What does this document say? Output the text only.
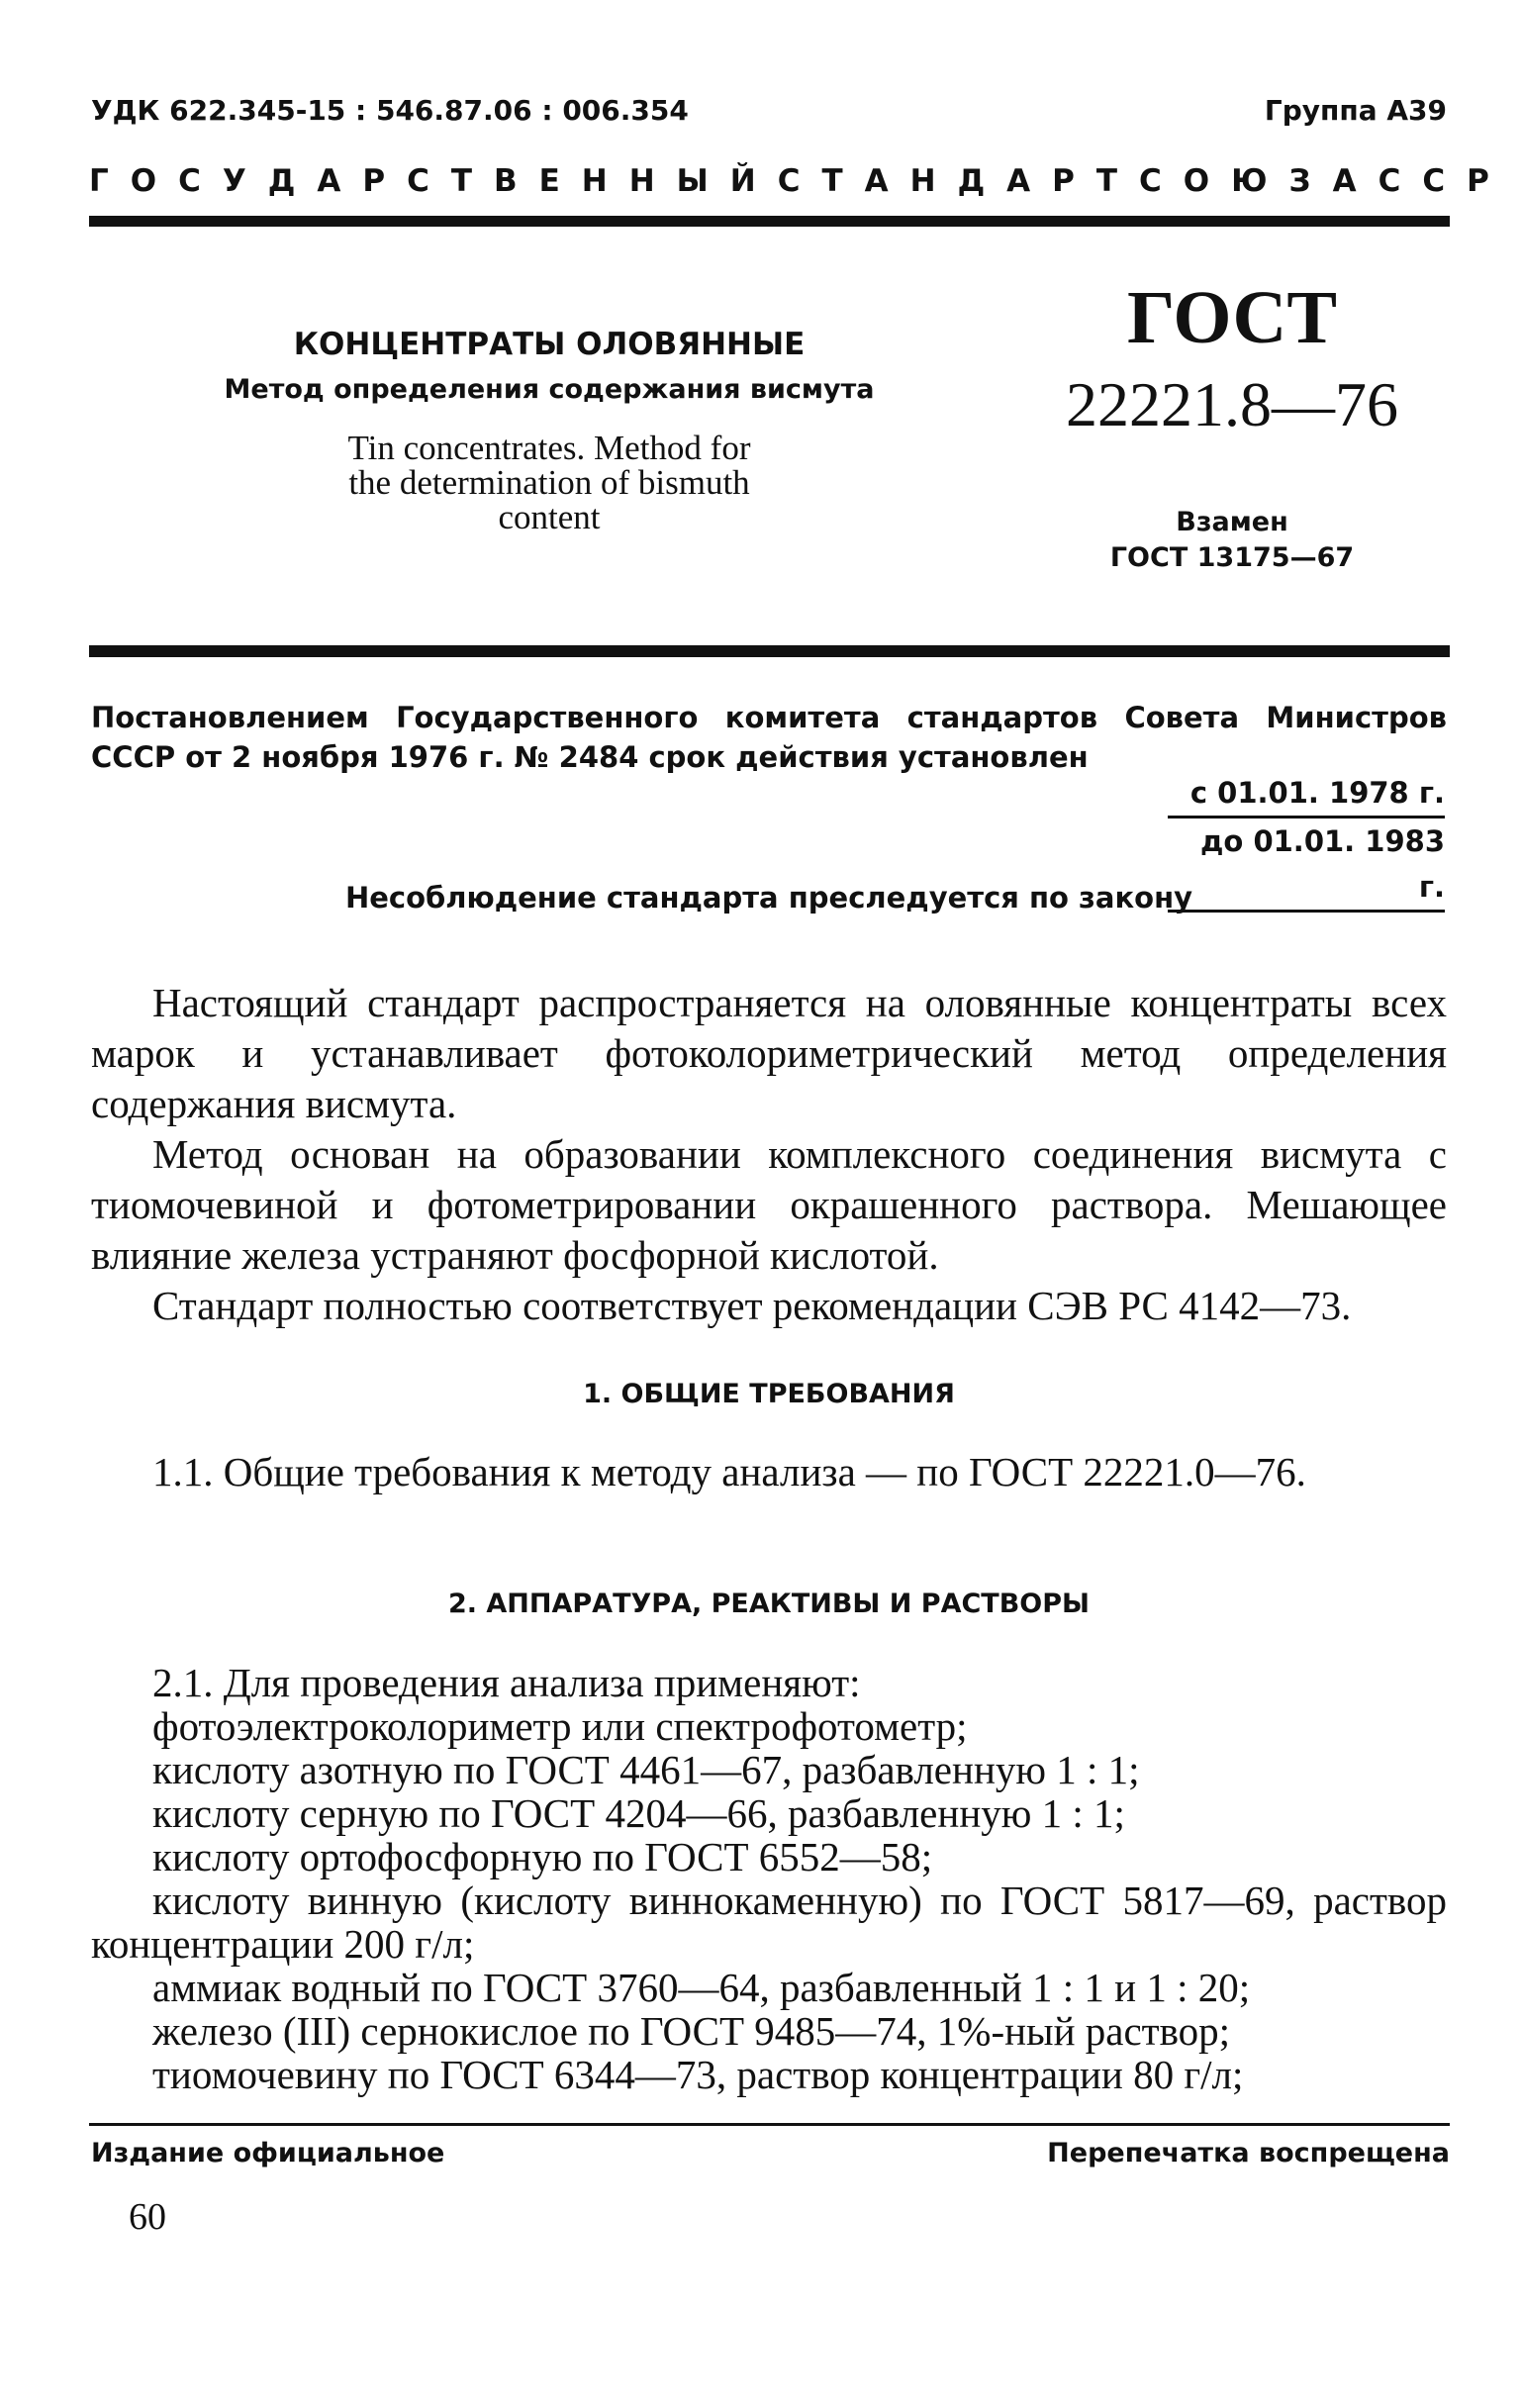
УДК 622.345-15 : 546.87.06 : 006.354	Группа А39
ГОСУДАРСТВЕННЫЙ СТАНДАРТ СОЮЗА ССР
КОНЦЕНТРАТЫ ОЛОВЯННЫЕ
Метод определения содержания висмута
Tin concentrates. Method for
the determination of bismuth
content
ГОСТ
22221.8—76
Взамен
ГОСТ 13175—67
Постановлением Государственного комитета стандартов Совета Министров
СССР от 2 ноября 1976 г. № 2484 срок действия установлен
с 01.01. 1978 г.
до 01.01. 1983 г.
Несоблюдение стандарта преследуется по закону
Настоящий стандарт распространяется на оловянные концентраты всех марок и устанавливает фотоколориметрический метод определения содержания висмута.
Метод основан на образовании комплексного соединения висмута с тиомочевиной и фотометрировании окрашенного раствора. Мешающее влияние железа устраняют фосфорной кислотой.
Стандарт полностью соответствует рекомендации СЭВ РС 4142—73.
1. ОБЩИЕ ТРЕБОВАНИЯ
1.1. Общие требования к методу анализа — по ГОСТ 22221.0—76.
2. АППАРАТУРА, РЕАКТИВЫ И РАСТВОРЫ
2.1. Для проведения анализа применяют:
фотоэлектроколориметр или спектрофотометр;
кислоту азотную по ГОСТ 4461—67, разбавленную 1 : 1;
кислоту серную по ГОСТ 4204—66, разбавленную 1 : 1;
кислоту ортофосфорную по ГОСТ 6552—58;
кислоту винную (кислоту виннокаменную) по ГОСТ 5817—69, раствор концентрации 200 г/л;
аммиак водный по ГОСТ 3760—64, разбавленный 1 : 1 и 1 : 20;
железо (III) сернокислое по ГОСТ 9485—74, 1%-ный раствор;
тиомочевину по ГОСТ 6344—73, раствор концентрации 80 г/л;
Издание официальное	Перепечатка воспрещена
60
